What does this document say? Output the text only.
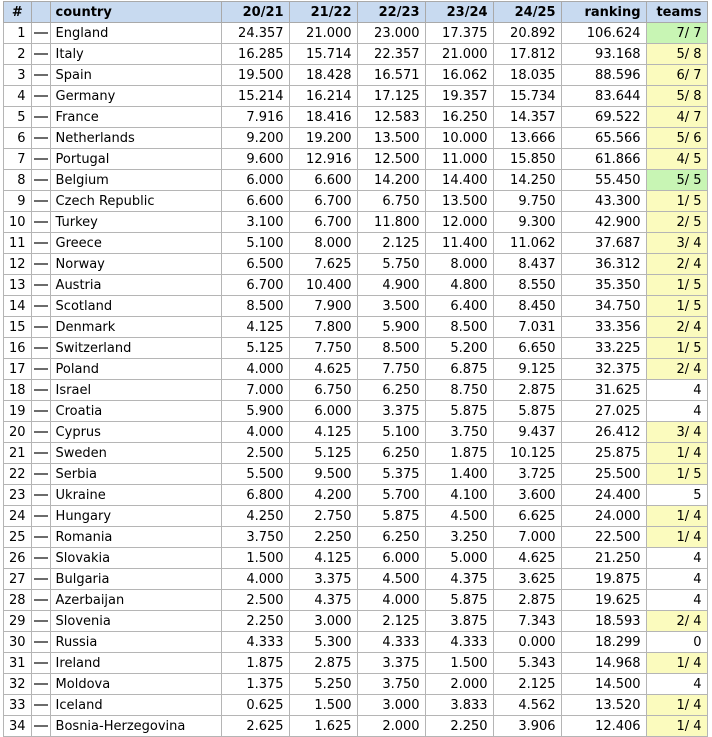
#		country	20/21	21/22	22/23	23/24	24/25	ranking	teams
1		England	24.357	21.000	23.000	17.375	20.892	106.624	7/ 7
2		Italy	16.285	15.714	22.357	21.000	17.812	93.168	5/ 8
3		Spain	19.500	18.428	16.571	16.062	18.035	88.596	6/ 7
4		Germany	15.214	16.214	17.125	19.357	15.734	83.644	5/ 8
5		France	7.916	18.416	12.583	16.250	14.357	69.522	4/ 7
6		Netherlands	9.200	19.200	13.500	10.000	13.666	65.566	5/ 6
7		Portugal	9.600	12.916	12.500	11.000	15.850	61.866	4/ 5
8		Belgium	6.000	6.600	14.200	14.400	14.250	55.450	5/ 5
9		Czech Republic	6.600	6.700	6.750	13.500	9.750	43.300	1/ 5
10		Turkey	3.100	6.700	11.800	12.000	9.300	42.900	2/ 5
11		Greece	5.100	8.000	2.125	11.400	11.062	37.687	3/ 4
12		Norway	6.500	7.625	5.750	8.000	8.437	36.312	2/ 4
13		Austria	6.700	10.400	4.900	4.800	8.550	35.350	1/ 5
14		Scotland	8.500	7.900	3.500	6.400	8.450	34.750	1/ 5
15		Denmark	4.125	7.800	5.900	8.500	7.031	33.356	2/ 4
16		Switzerland	5.125	7.750	8.500	5.200	6.650	33.225	1/ 5
17		Poland	4.000	4.625	7.750	6.875	9.125	32.375	2/ 4
18		Israel	7.000	6.750	6.250	8.750	2.875	31.625	4
19		Croatia	5.900	6.000	3.375	5.875	5.875	27.025	4
20		Cyprus	4.000	4.125	5.100	3.750	9.437	26.412	3/ 4
21		Sweden	2.500	5.125	6.250	1.875	10.125	25.875	1/ 4
22		Serbia	5.500	9.500	5.375	1.400	3.725	25.500	1/ 5
23		Ukraine	6.800	4.200	5.700	4.100	3.600	24.400	5
24		Hungary	4.250	2.750	5.875	4.500	6.625	24.000	1/ 4
25		Romania	3.750	2.250	6.250	3.250	7.000	22.500	1/ 4
26		Slovakia	1.500	4.125	6.000	5.000	4.625	21.250	4
27		Bulgaria	4.000	3.375	4.500	4.375	3.625	19.875	4
28		Azerbaijan	2.500	4.375	4.000	5.875	2.875	19.625	4
29		Slovenia	2.250	3.000	2.125	3.875	7.343	18.593	2/ 4
30		Russia	4.333	5.300	4.333	4.333	0.000	18.299	0
31		Ireland	1.875	2.875	3.375	1.500	5.343	14.968	1/ 4
32		Moldova	1.375	5.250	3.750	2.000	2.125	14.500	4
33		Iceland	0.625	1.500	3.000	3.833	4.562	13.520	1/ 4
34		Bosnia-Herzegovina	2.625	1.625	2.000	2.250	3.906	12.406	1/ 4
